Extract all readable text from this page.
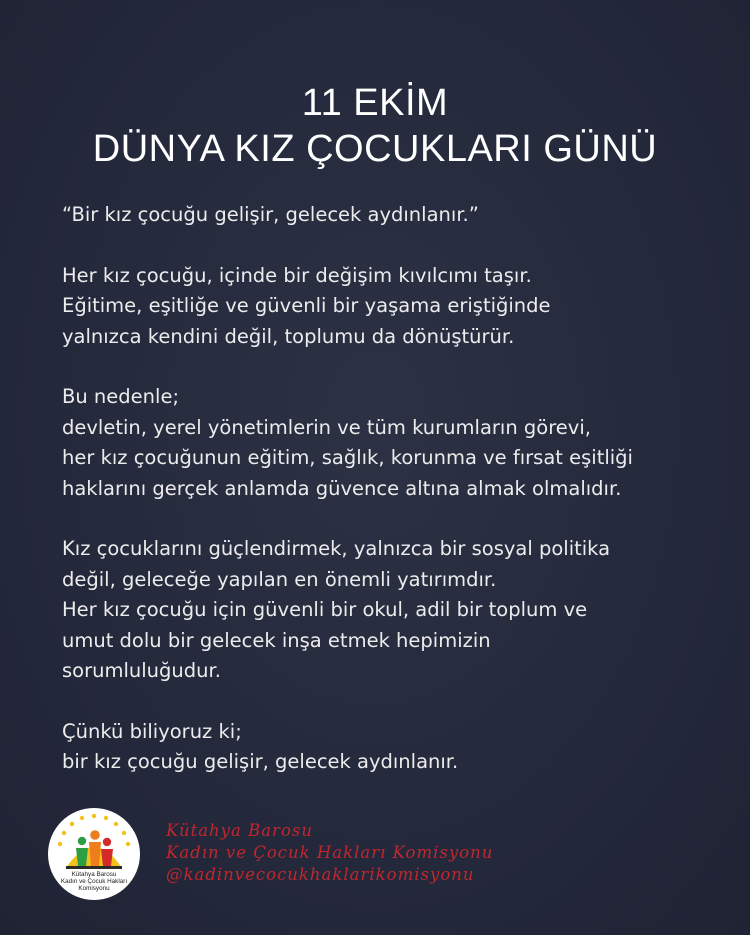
11 EKİM
DÜNYA KIZ ÇOCUKLARI GÜNÜ

“Bir kız çocuğu gelişir, gelecek aydınlanır.”

Her kız çocuğu, içinde bir değişim kıvılcımı taşır.
Eğitime, eşitliğe ve güvenli bir yaşama eriştiğinde
yalnızca kendini değil, toplumu da dönüştürür.

Bu nedenle;
devletin, yerel yönetimlerin ve tüm kurumların görevi,
her kız çocuğunun eğitim, sağlık, korunma ve fırsat eşitliği
haklarını gerçek anlamda güvence altına almak olmalıdır.

Kız çocuklarını güçlendirmek, yalnızca bir sosyal politika
değil, geleceğe yapılan en önemli yatırımdır.
Her kız çocuğu için güvenli bir okul, adil bir toplum ve
umut dolu bir gelecek inşa etmek hepimizin
sorumluluğudur.

Çünkü biliyoruz ki;
bir kız çocuğu gelişir, gelecek aydınlanır.

Kütahya Barosu
Kadın ve Çocuk Hakları
Komisyonu
Kütahya Barosu
Kadın ve Çocuk Hakları Komisyonu
@kadinvecocukhaklarikomisyonu
